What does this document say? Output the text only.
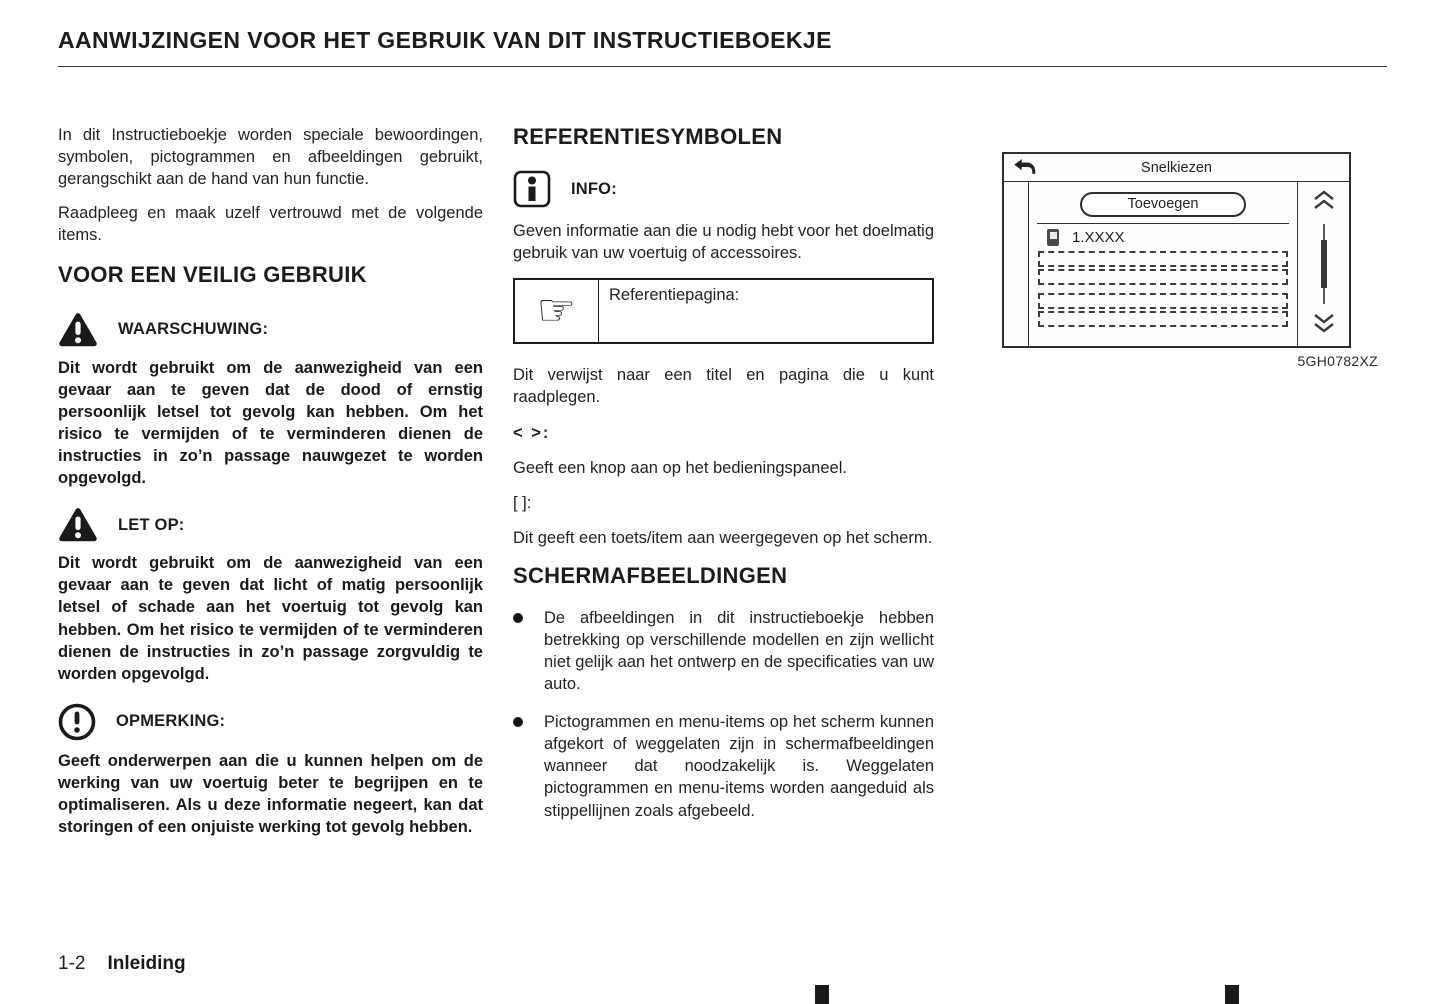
AANWIJZINGEN VOOR HET GEBRUIK VAN DIT INSTRUCTIEBOEKJE

In dit Instructieboekje worden speciale bewoordingen, symbolen, pictogrammen en afbeeldingen gebruikt, gerangschikt aan de hand van hun functie.

Raadpleeg en maak uzelf vertrouwd met de volgende items.

VOOR EEN VEILIG GEBRUIK
WAARSCHUWING:

Dit wordt gebruikt om de aanwezigheid van een gevaar aan te geven dat de dood of ernstig persoonlijk letsel tot gevolg kan hebben. Om het risico te vermijden of te verminderen dienen de instructies in zo’n passage nauwgezet te worden opgevolgd.

LET OP:

Dit wordt gebruikt om de aanwezigheid van een gevaar aan te geven dat licht of matig persoonlijk letsel of schade aan het voertuig tot gevolg kan hebben. Om het risico te vermijden of te verminderen dienen de instructies in zo’n passage zorgvuldig te worden opgevolgd.

OPMERKING:

Geeft onderwerpen aan die u kunnen helpen om de werking van uw voertuig beter te begrijpen en te optimaliseren. Als u deze informatie negeert, kan dat storingen of een onjuiste werking tot gevolg hebben.

REFERENTIESYMBOLEN
INFO:

Geven informatie aan die u nodig hebt voor het doelmatig gebruik van uw voertuig of accessoires.

☞	Referentiepagina:

Dit verwijst naar een titel en pagina die u kunt raadplegen.

< >:

Geeft een knop aan op het bedieningspaneel.

[ ]:

Dit geeft een toets/item aan weergegeven op het scherm.

SCHERMAFBEELDINGEN
De afbeeldingen in dit instructieboekje hebben betrekking op verschillende modellen en zijn wellicht niet gelijk aan het ontwerp en de specificaties van uw auto.
Pictogrammen en menu-items op het scherm kunnen afgekort of weggelaten zijn in schermafbeeldingen wanneer dat noodzakelijk is. Weggelaten pictogrammen en menu-items worden aangeduid als stippellijnen zoals afgebeeld.
Snelkiezen
Toevoegen
1.XXXX
5GH0782XZ
1-2 Inleiding
